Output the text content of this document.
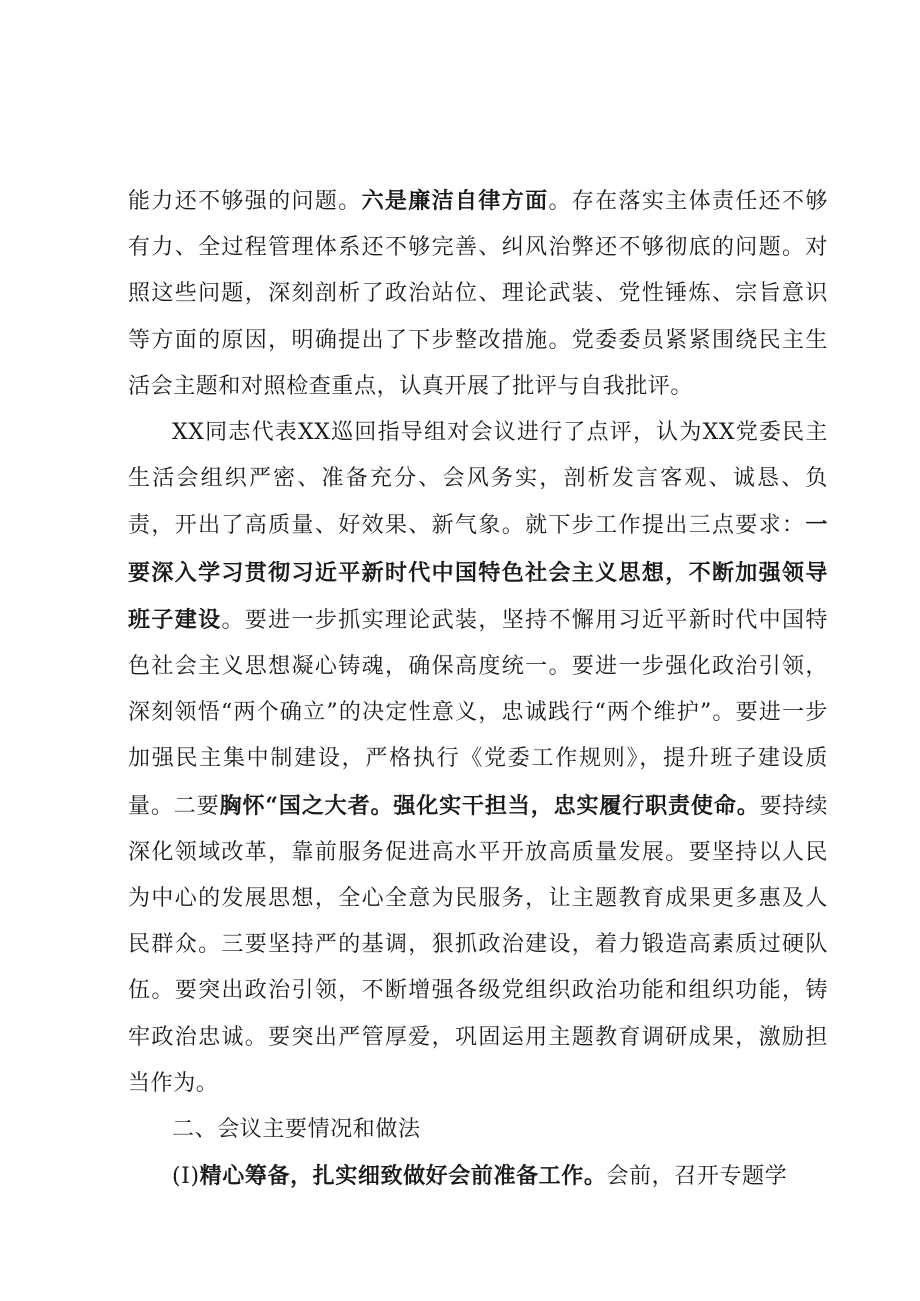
能力还不够强的问题。六是廉洁自律方面。存在落实主体责任还不够有力、全过程管理体系还不够完善、纠风治弊还不够彻底的问题。对照这些问题，深刻剖析了政治站位、理论武装、党性锤炼、宗旨意识等方面的原因，明确提出了下步整改措施。党委委员紧紧围绕民主生活会主题和对照检查重点，认真开展了批评与自我批评。

XX同志代表XX巡回指导组对会议进行了点评，认为XX党委民主生活会组织严密、准备充分、会风务实，剖析发言客观、诚恳、负责，开出了高质量、好效果、新气象。就下步工作提出三点要求：一要深入学习贯彻习近平新时代中国特色社会主义思想，不断加强领导班子建设。要进一步抓实理论武装，坚持不懈用习近平新时代中国特色社会主义思想凝心铸魂，确保高度统一。要进一步强化政治引领，深刻领悟“两个确立”的决定性意义，忠诚践行“两个维护”。要进一步加强民主集中制建设，严格执行《党委工作规则》，提升班子建设质量。二要胸怀“国之大者。强化实干担当，忠实履行职责使命。要持续深化领域改革，靠前服务促进高水平开放高质量发展。要坚持以人民为中心的发展思想，全心全意为民服务，让主题教育成果更多惠及人民群众。三要坚持严的基调，狠抓政治建设，着力锻造高素质过硬队伍。要突出政治引领，不断增强各级党组织政治功能和组织功能，铸牢政治忠诚。要突出严管厚爱，巩固运用主题教育调研成果，激励担当作为。

二、会议主要情况和做法

(I)精心筹备，扎实细致做好会前准备工作。会前，召开专题学
